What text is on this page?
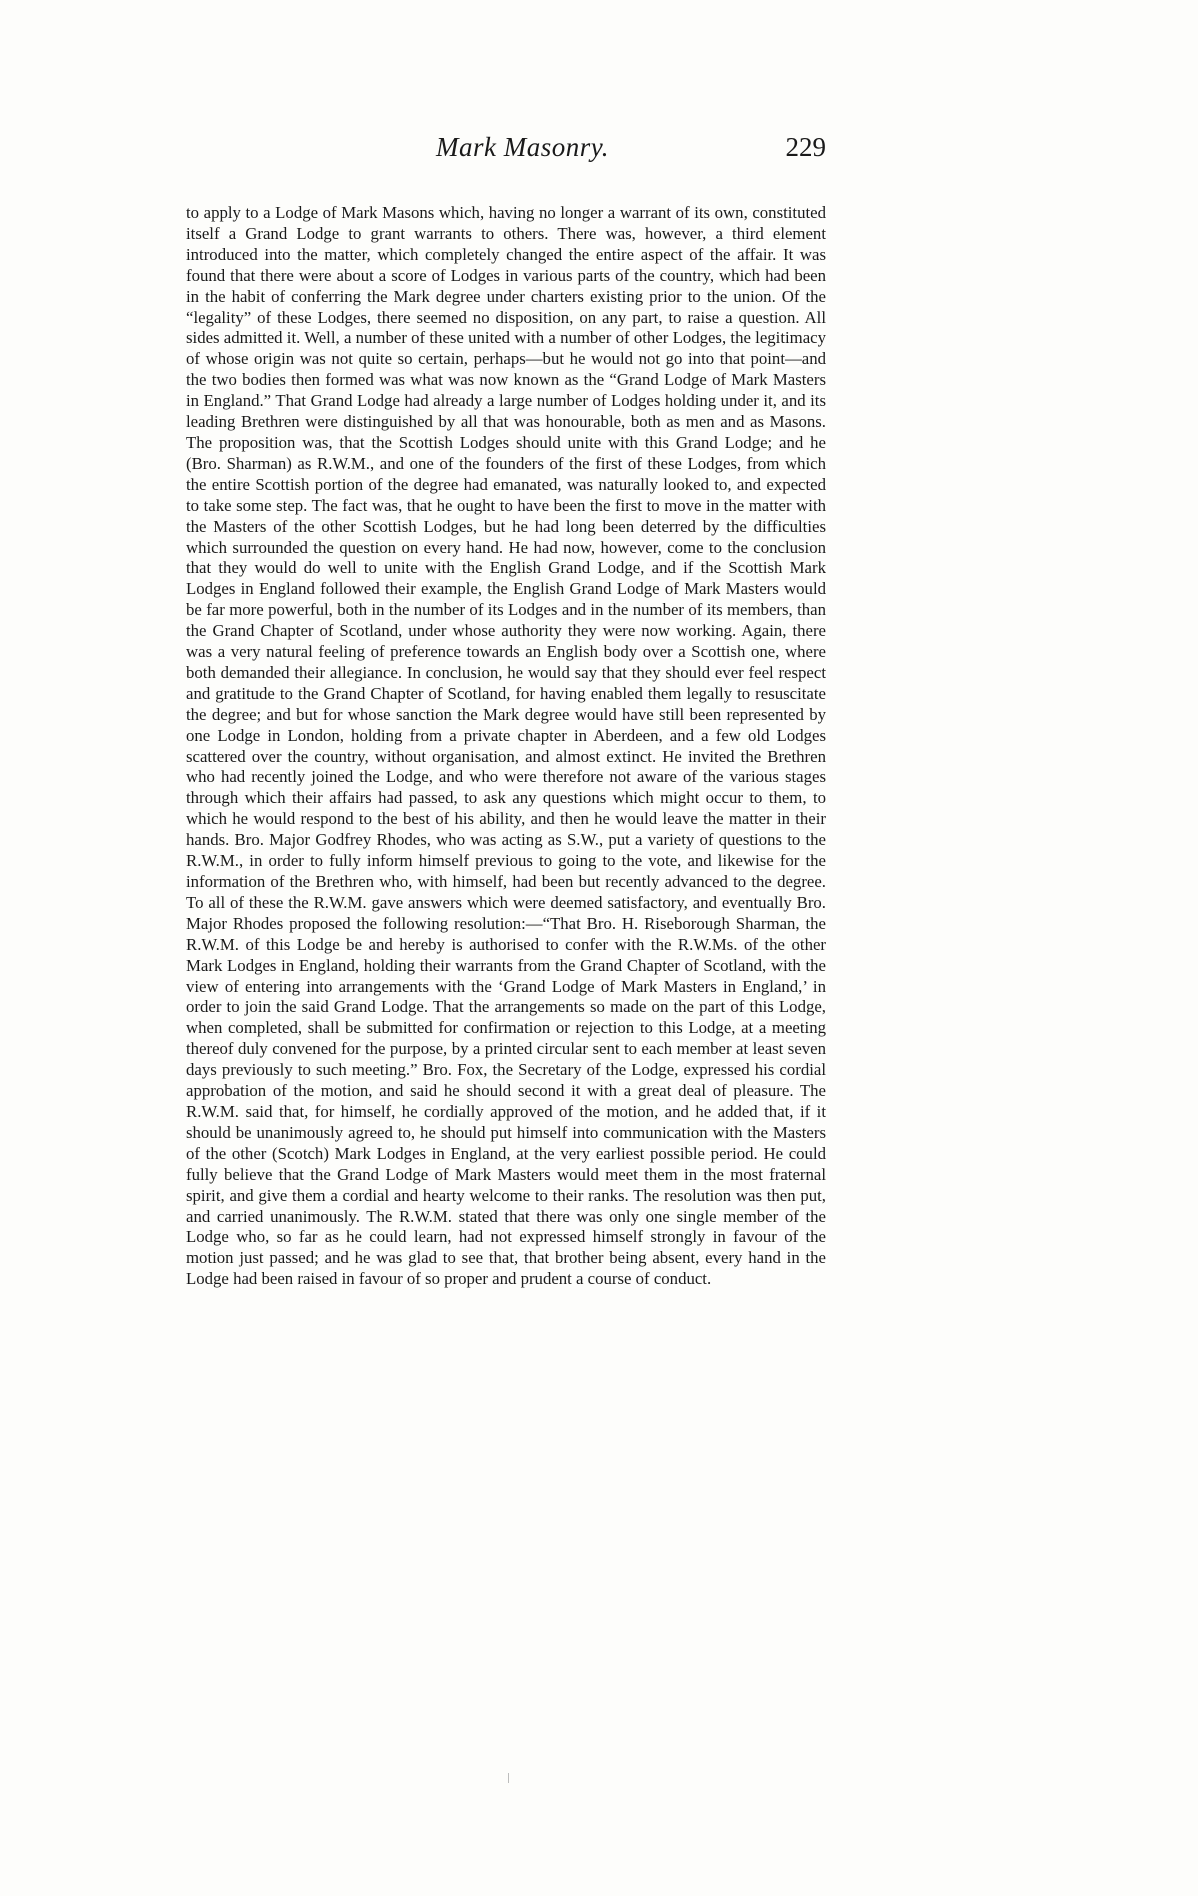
Mark Masonry.	229

to apply to a Lodge of Mark Masons which, having no longer a warrant of its own, constituted itself a Grand Lodge to grant warrants to others. There was, however, a third element introduced into the matter, which completely changed the entire aspect of the affair. It was found that there were about a score of Lodges in various parts of the country, which had been in the habit of conferring the Mark degree under charters existing prior to the union. Of the “legality” of these Lodges, there seemed no disposition, on any part, to raise a question. All sides admitted it. Well, a number of these united with a number of other Lodges, the legitimacy of whose origin was not quite so certain, perhaps—but he would not go into that point—and the two bodies then formed was what was now known as the “Grand Lodge of Mark Masters in England.” That Grand Lodge had already a large number of Lodges holding under it, and its leading Brethren were distinguished by all that was honourable, both as men and as Masons. The proposition was, that the Scottish Lodges should unite with this Grand Lodge; and he (Bro. Sharman) as R.W.M., and one of the founders of the first of these Lodges, from which the entire Scottish portion of the degree had emanated, was naturally looked to, and expected to take some step. The fact was, that he ought to have been the first to move in the matter with the Masters of the other Scottish Lodges, but he had long been deterred by the difficulties which surrounded the question on every hand. He had now, however, come to the conclusion that they would do well to unite with the English Grand Lodge, and if the Scottish Mark Lodges in England followed their example, the English Grand Lodge of Mark Masters would be far more powerful, both in the number of its Lodges and in the number of its members, than the Grand Chapter of Scotland, under whose authority they were now working. Again, there was a very natural feeling of preference towards an English body over a Scottish one, where both demanded their allegiance. In conclusion, he would say that they should ever feel respect and gratitude to the Grand Chapter of Scotland, for having enabled them legally to resuscitate the degree; and but for whose sanction the Mark degree would have still been represented by one Lodge in London, holding from a private chapter in Aberdeen, and a few old Lodges scattered over the country, without organisation, and almost extinct. He invited the Brethren who had recently joined the Lodge, and who were therefore not aware of the various stages through which their affairs had passed, to ask any questions which might occur to them, to which he would respond to the best of his ability, and then he would leave the matter in their hands. Bro. Major Godfrey Rhodes, who was acting as S.W., put a variety of questions to the R.W.M., in order to fully inform himself previous to going to the vote, and likewise for the information of the Brethren who, with himself, had been but recently advanced to the degree. To all of these the R.W.M. gave answers which were deemed satisfactory, and eventually Bro. Major Rhodes proposed the following resolution:—“That Bro. H. Riseborough Sharman, the R.W.M. of this Lodge be and hereby is authorised to confer with the R.W.Ms. of the other Mark Lodges in England, holding their warrants from the Grand Chapter of Scotland, with the view of entering into arrangements with the ‘Grand Lodge of Mark Masters in England,’ in order to join the said Grand Lodge. That the arrangements so made on the part of this Lodge, when completed, shall be submitted for confirmation or rejection to this Lodge, at a meeting thereof duly convened for the purpose, by a printed circular sent to each member at least seven days previously to such meeting.” Bro. Fox, the Secretary of the Lodge, expressed his cordial approbation of the motion, and said he should second it with a great deal of pleasure. The R.W.M. said that, for himself, he cordially approved of the motion, and he added that, if it should be unanimously agreed to, he should put himself into communication with the Masters of the other (Scotch) Mark Lodges in England, at the very earliest possible period. He could fully believe that the Grand Lodge of Mark Masters would meet them in the most fraternal spirit, and give them a cordial and hearty welcome to their ranks. The resolution was then put, and carried unanimously. The R.W.M. stated that there was only one single member of the Lodge who, so far as he could learn, had not expressed himself strongly in favour of the motion just passed; and he was glad to see that, that brother being absent, every hand in the Lodge had been raised in favour of so proper and prudent a course of conduct.
